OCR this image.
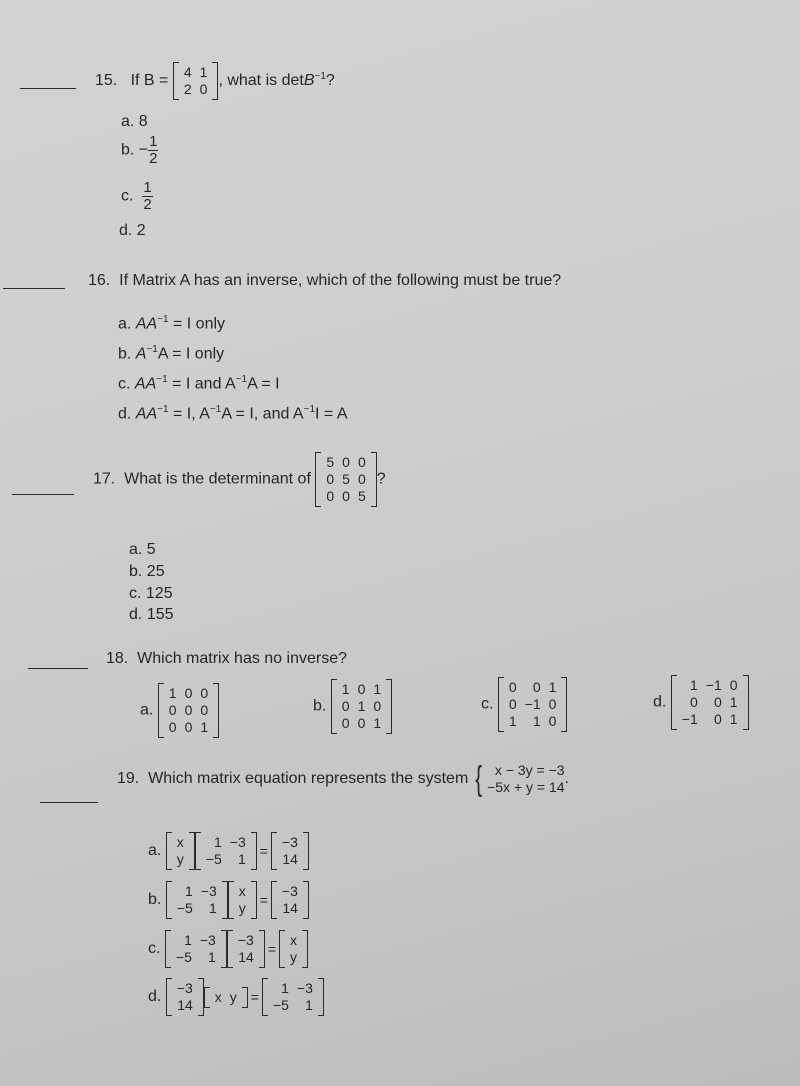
15. If B =
4	1
2	0 , what is detB$^{-1}$?
a. 8
b. − $\frac{1}{2}$
c. $\frac{1}{2}$
d. 2
16. If Matrix A has an inverse, which of the following must be true?
a. $AA^{-1} = I$ only
b. $A^{-1}A = I$ only
c. $AA^{-1} = I$ and $A^{-1}A = I$
d. $AA^{-1} = I$, $A^{-1}A = I$, and $A^{-1}I = A$
17. What is the determinant of
5	0	0
0	5	0
0	0	5
?
a. 5
b. 25
c. 125
d. 155
18. Which matrix has no inverse?
a.
1	0	0
0	0	0
0	0	1
b.
1	0	1
0	1	0
0	0	1
c.
0	0	1
0	−1	0
1	1	0
d.
1	−1	0
0	0	1
−1	0	1
19. Which matrix equation represents the system { x − 3y = −3
−5x + y = 14.
a.
x
y
1	−3
−5	1 =
−3
14
b.
1	−3
−5	1
x
y =
−3
14
c.
1	−3
−5	1
−3
14 =
x
y
d.
−3
14
x	y =
1	−3
−5	1
